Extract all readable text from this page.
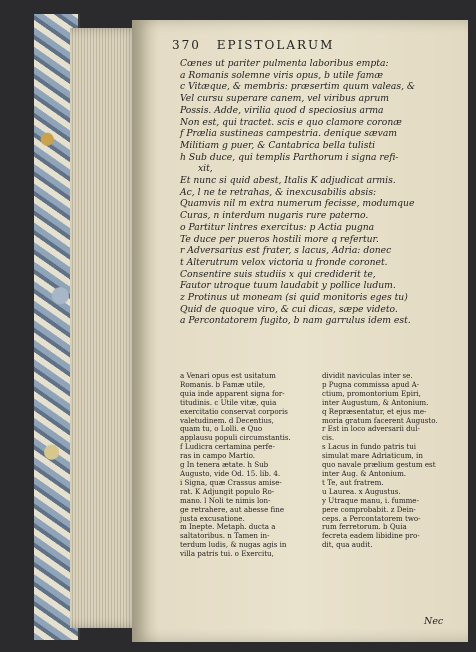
370 EPISTOLARUM
Cœnes ut pariter pulmenta laboribus empta:
a Romanis solemne viris opus, b utile famæ
c Vitæque, & membris: præsertim quum valeas, &
Vel cursu superare canem, vel viribus aprum
Possis. Adde, virilia quod d speciosius arma
Non est, qui tractet. scis e quo clamore coronæ
f Prælia sustineas campestria. denique sævam
Militiam g puer, & Cantabrica bella tulisti
h Sub duce, qui templis Parthorum i signa refi-
xit,
Et nunc si quid abest, Italis K adjudicat armis.
Ac, l ne te retrahas, & inexcusabilis absis:
Quamvis nil m extra numerum fecisse, modumque
Curas, n interdum nugaris rure paterno.
o Partitur lintres exercitus: p Actia pugna
Te duce per pueros hostili more q refertur.
r Adversarius est frater, s lacus, Adria: donec
t Alterutrum velox victoria u fronde coronet.
Consentire suis studiis x qui crediderit te,
Fautor utroque tuum laudabit y pollice ludum.
z Protinus ut moneam (si quid monitoris eges tu)
Quid de quoque viro, & cui dicas, sæpe videto.
a Percontatorem fugito, b nam garrulus idem est.
a Venari opus est usitatum
Romanis. b Famæ utile,
quia inde apparent signa for-
titudinis. c Utile vitæ, quia
exercitatio conservat corporis
valetudinem. d Decentius,
quam tu, o Lolli. e Quo
applausu populi circumstantis.
f Ludicra certamina perfe-
ras in campo Martio.
g In tenera ætate. h Sub
Augusto, vide Od. 15. lib. 4.
i Signa, quæ Crassus amise-
rat. K Adjungit populo Ro-
mano. l Noli te nimis lon-
ge retrahere, aut abesse fine
justa excusatione.
m Inepte. Metaph. ducta a
saltatoribus. n Tamen in-
terdum ludis, & nugas agis in
villa patris tui. o Exercitu,
dividit naviculas inter se.
p Pugna commissa apud A-
ctium, promontorium Epiri,
inter Augustum, & Antonium.
q Repræsentatur, et ejus me-
moria gratum facerent Augusto.
r Est in loco adversarii dul-
cis.
s Lacus in fundo patris tui
simulat mare Adriaticum, in
quo navale prælium gestum est
inter Aug. & Antonium.
t Te, aut fratrem.
u Laurea. x Augustus.
y Utraque manu, i. fumme-
pere comprobabit. z Dein-
ceps. a Percontatorem two-
rum ferretorum. b Quia
fecreta eadem libidine pro-
dit, qua audit.
Nec
